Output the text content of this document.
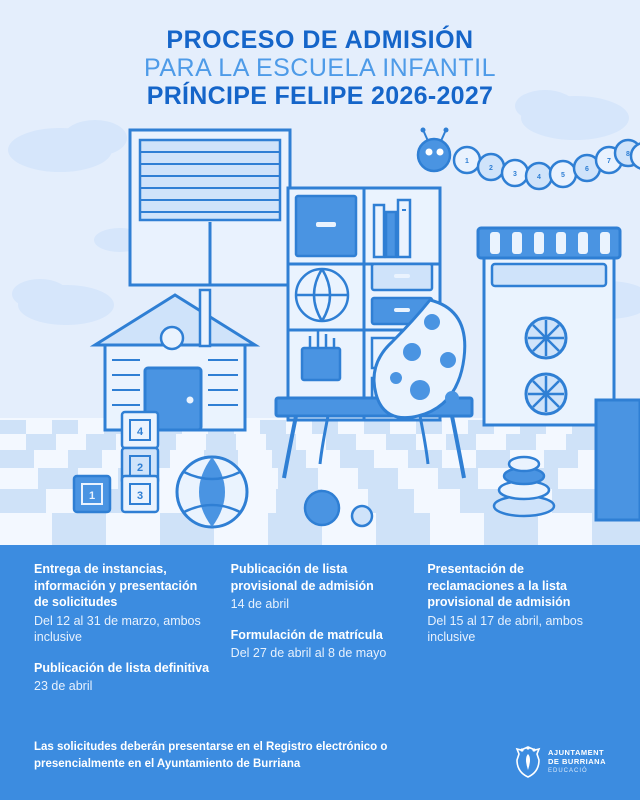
1
2
3	4	5
6
7
8
4
2
1	3
PROCESO DE ADMISIÓN
PARA LA ESCUELA INFANTIL
PRÍNCIPE FELIPE 2026-2027
Entrega de instancias, información y presentación de solicitudes

Del 12 al 31 de marzo, ambos inclusive

Publicación de lista definitiva

23 de abril

Publicación de lista provisional de admisión

14 de abril

Formulación de matrícula

Del 27 de abril al 8 de mayo

Presentación de reclamaciones a la lista provisional de admisión

Del 15 al 17 de abril, ambos inclusive

Las solicitudes deberán presentarse en el Registro electrónico o presencialmente en el Ayuntamiento de Burriana
AJUNTAMENT
DE BURRIANA
EDUCACIÓ
